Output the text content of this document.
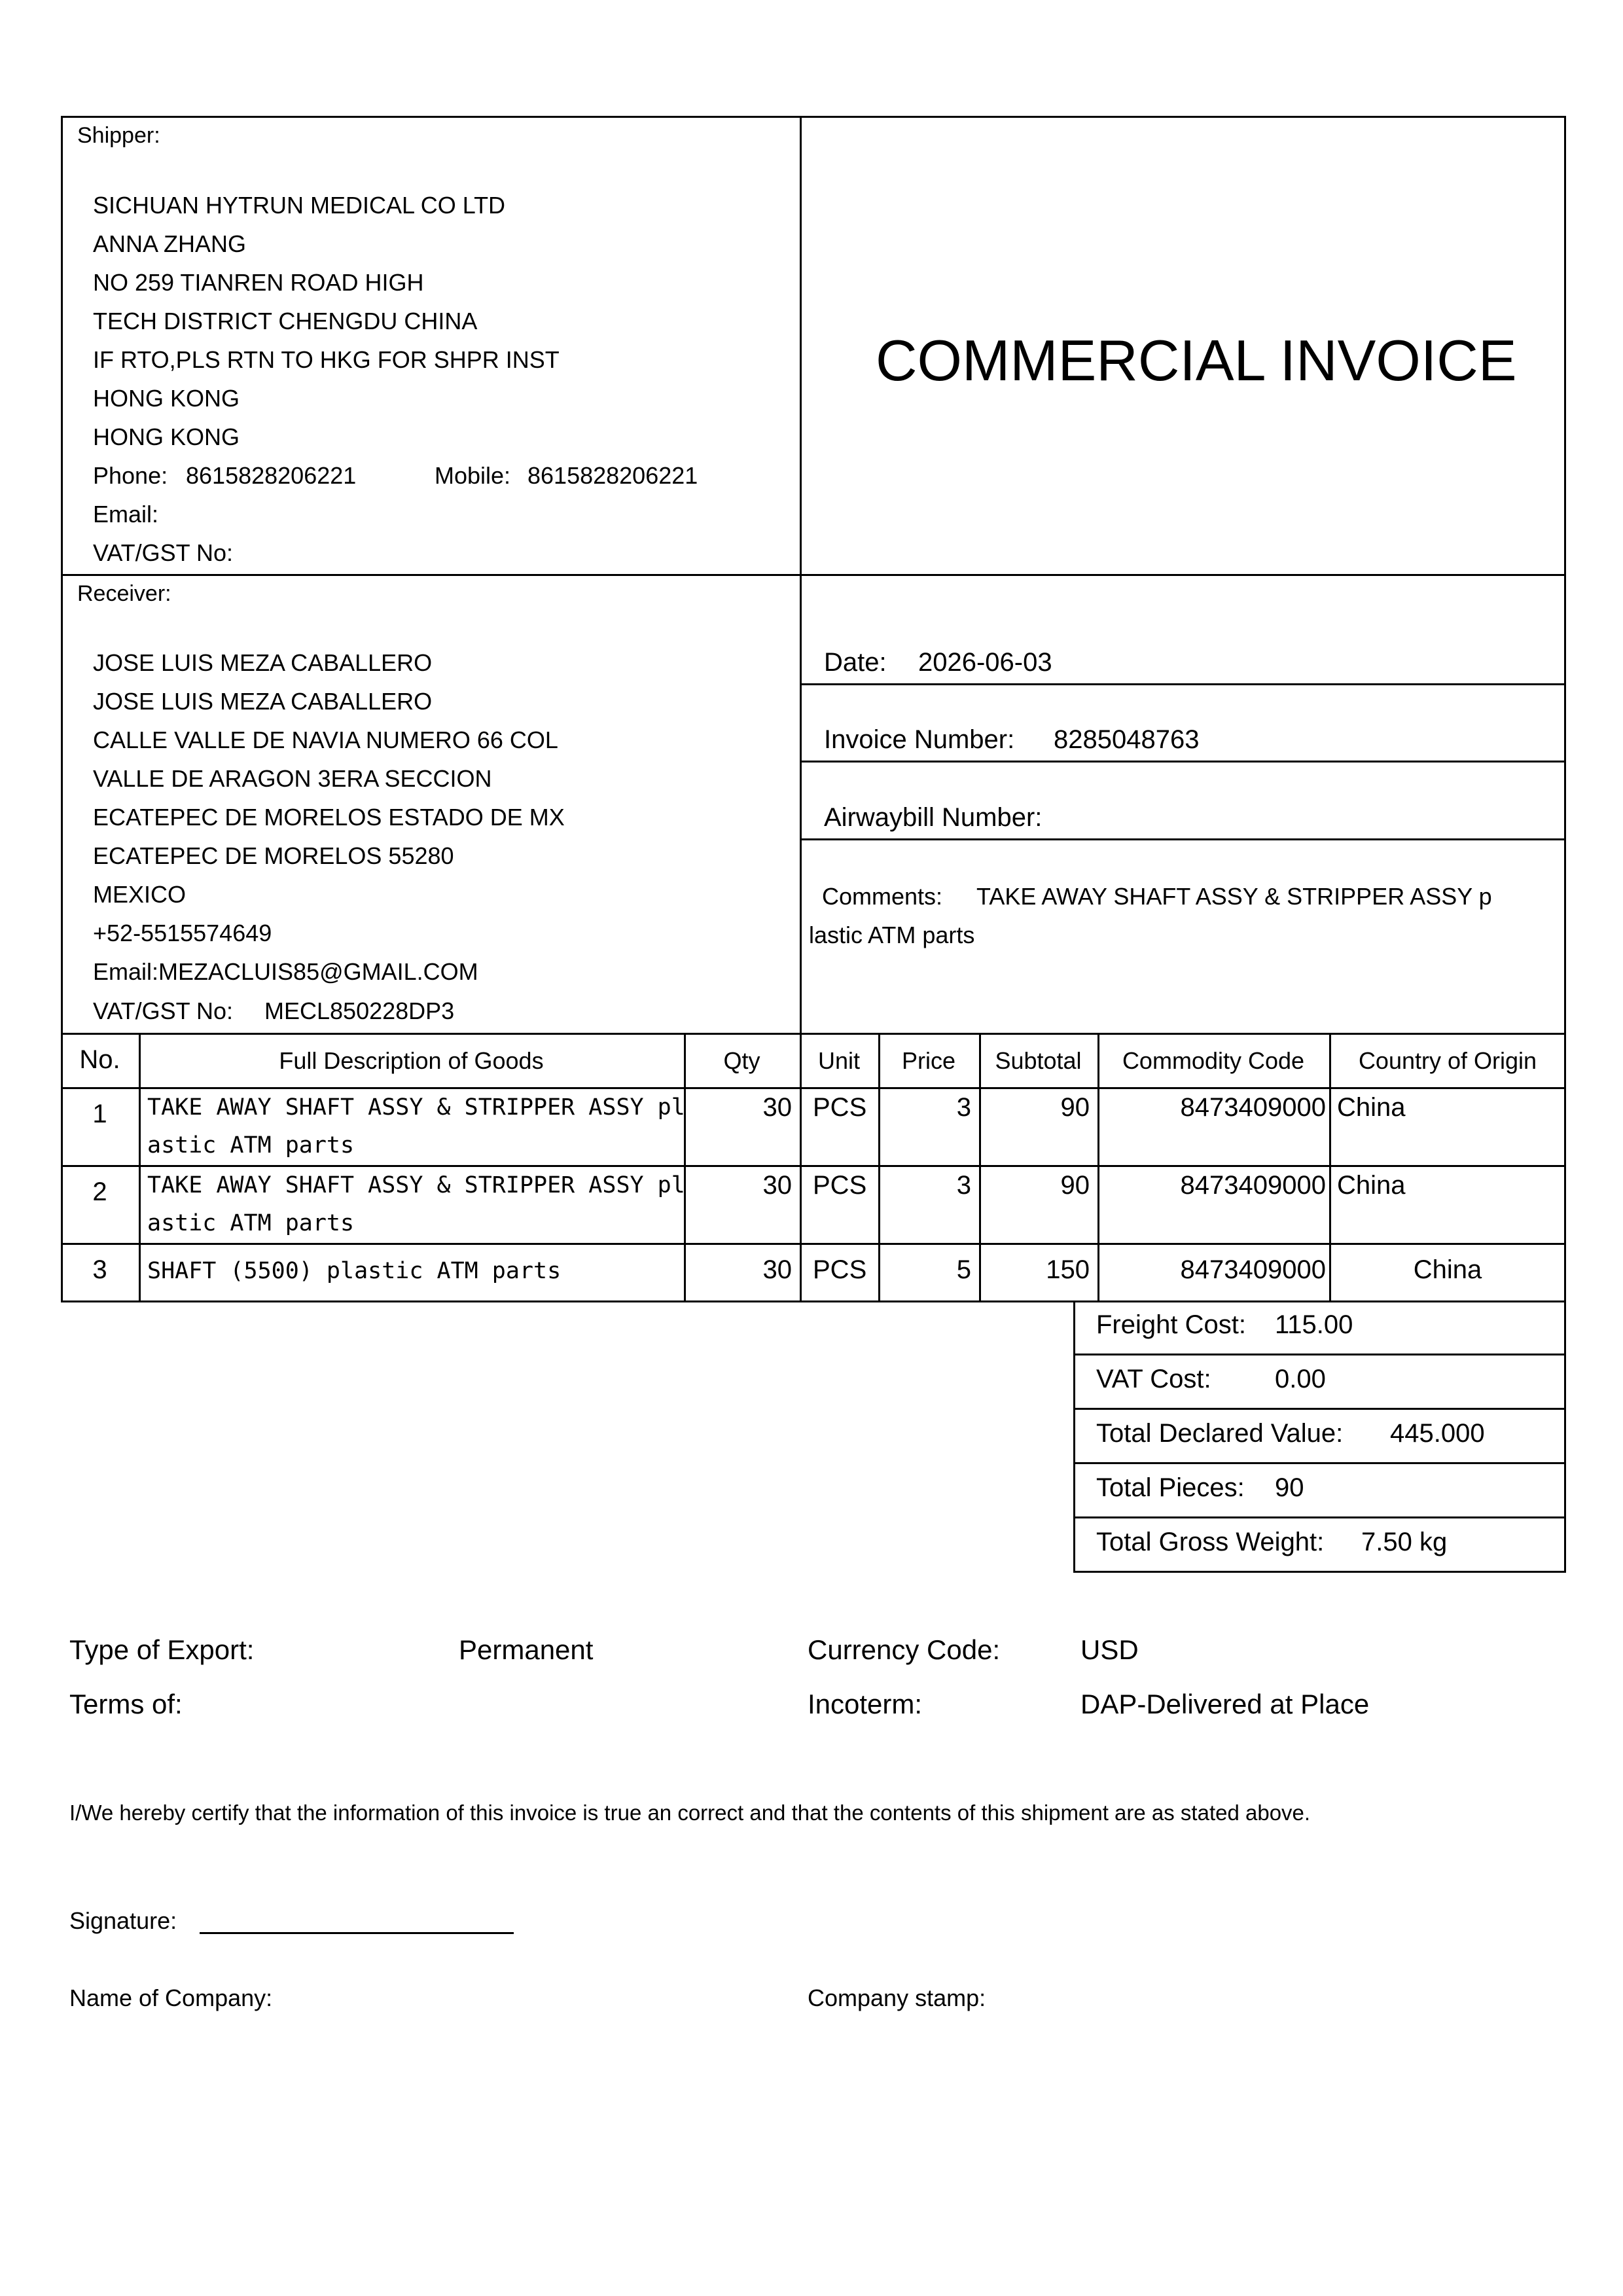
Shipper:
SICHUAN HYTRUN MEDICAL CO LTD
ANNA ZHANG
NO 259 TIANREN ROAD HIGH
TECH DISTRICT CHENGDU CHINA
IF RTO,PLS RTN TO HKG FOR SHPR INST
HONG KONG
HONG KONG
Phone: 8615828206221	Mobile: 8615828206221
Email:
VAT/GST No:
COMMERCIAL INVOICE
Receiver:
JOSE LUIS MEZA CABALLERO
JOSE LUIS MEZA CABALLERO
CALLE VALLE DE NAVIA NUMERO 66 COL
VALLE DE ARAGON 3ERA SECCION
ECATEPEC DE MORELOS ESTADO DE MX
ECATEPEC DE MORELOS 55280
MEXICO
+52-5515574649
Email:MEZACLUIS85@GMAIL.COM
VAT/GST No: MECL850228DP3
Date: 2026-06-03
Invoice Number: 8285048763
Airwaybill Number:
Comments: TAKE AWAY SHAFT ASSY & STRIPPER ASSY p
lastic ATM parts
No.	Full Description of Goods	Qty	Unit	Price	Subtotal	Commodity Code	Country of Origin
1	TAKE AWAY SHAFT ASSY & STRIPPER ASSY pl
astic ATM parts
30 PCS	3	90	8473409000 China
2	TAKE AWAY SHAFT ASSY & STRIPPER ASSY pl
astic ATM parts
30 PCS	3	90	8473409000 China
3	SHAFT (5500) plastic ATM parts	30 PCS	5	150	8473409000	China
Freight Cost: 115.00
VAT Cost: 0.00
Total Declared Value: 445.000
Total Pieces: 90
Total Gross Weight: 7.50 kg
Type of Export:	Permanent	Currency Code:	USD
Terms of:	Incoterm:	DAP-Delivered at Place
I/We hereby certify that the information of this invoice is true an correct and that the contents of this shipment are as stated above.
Signature:
Name of Company:	Company stamp:
